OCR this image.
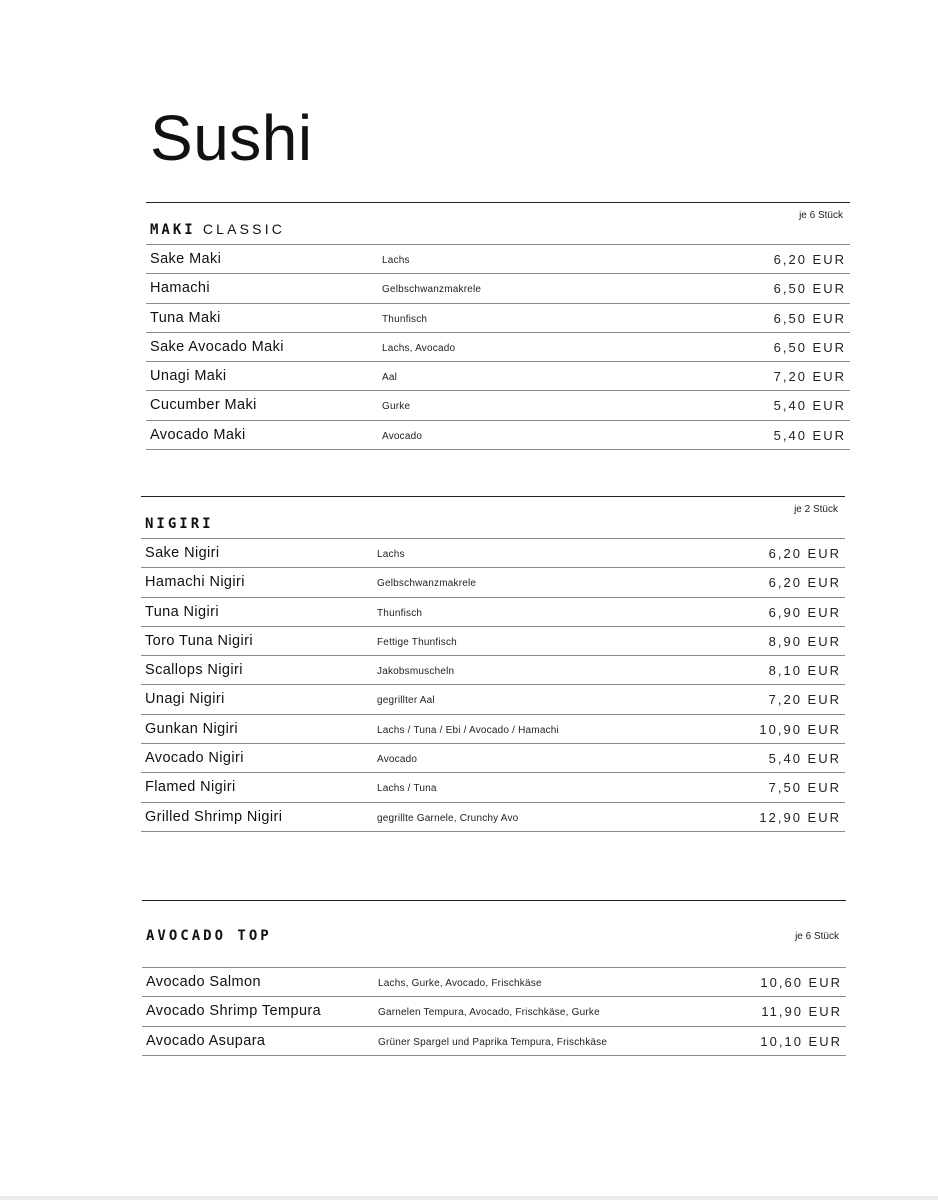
Sushi
MAKI CLASSIC
je 6 Stück
Sake Maki	Lachs	6,20 EUR
Hamachi	Gelbschwanzmakrele	6,50 EUR
Tuna Maki	Thunfisch	6,50 EUR
Sake Avocado Maki	Lachs, Avocado	6,50 EUR
Unagi Maki	Aal	7,20 EUR
Cucumber Maki	Gurke	5,40 EUR
Avocado Maki	Avocado	5,40 EUR
NIGIRI
je 2 Stück
Sake Nigiri	Lachs	6,20 EUR
Hamachi Nigiri	Gelbschwanzmakrele	6,20 EUR
Tuna Nigiri	Thunfisch	6,90 EUR
Toro Tuna Nigiri	Fettige Thunfisch	8,90 EUR
Scallops Nigiri	Jakobsmuscheln	8,10 EUR
Unagi Nigiri	gegrillter Aal	7,20 EUR
Gunkan Nigiri	Lachs / Tuna / Ebi / Avocado / Hamachi	10,90 EUR
Avocado Nigiri	Avocado	5,40 EUR
Flamed Nigiri	Lachs / Tuna	7,50 EUR
Grilled Shrimp Nigiri	gegrillte Garnele, Crunchy Avo	12,90 EUR
AVOCADO TOP	je 6 Stück
Avocado Salmon	Lachs, Gurke, Avocado, Frischkäse	10,60 EUR
Avocado Shrimp Tempura	Garnelen Tempura, Avocado, Frischkäse, Gurke	11,90 EUR
Avocado Asupara	Grüner Spargel und Paprika Tempura, Frischkäse	10,10 EUR
